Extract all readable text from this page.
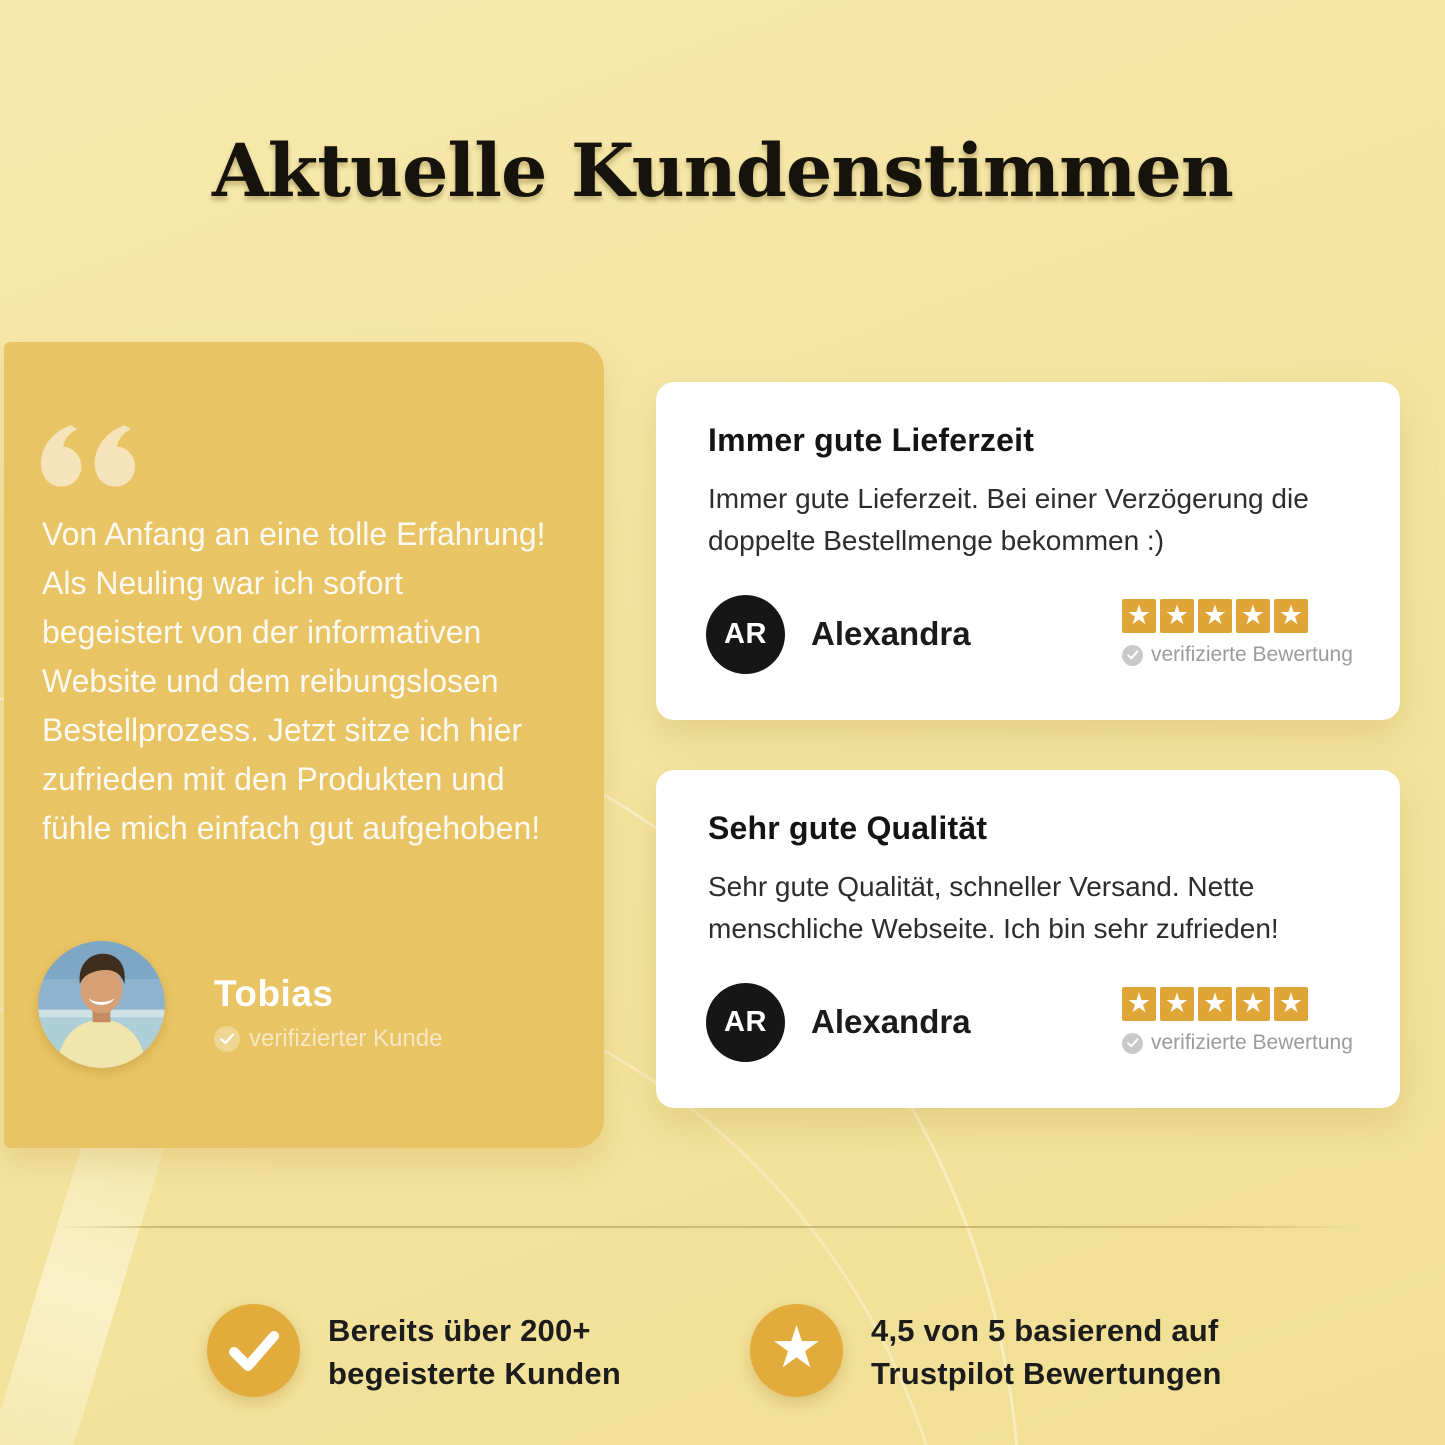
Aktuelle Kundenstimmen

Von Anfang an eine tolle Erfahrung! Als Neuling war ich sofort begeistert von der informativen Website und dem reibungslosen Bestellprozess. Jetzt sitze ich hier zufrieden mit den Produkten und fühle mich einfach gut aufgehoben!

Tobias

verifizierter Kunde
Immer gute Lieferzeit

Immer gute Lieferzeit. Bei einer Verzögerung die doppelte Bestellmenge bekommen :)

AR	Alexandra

★ ★ ★ ★ ★
verifizierte Bewertung
Sehr gute Qualität

Sehr gute Qualität, schneller Versand. Nette menschliche Webseite. Ich bin sehr zufrieden!

AR	Alexandra

★ ★ ★ ★ ★
verifizierte Bewertung

Bereits über 200+
begeisterte Kunden	★ 4,5 von 5 basierend auf
Trustpilot Bewertungen
